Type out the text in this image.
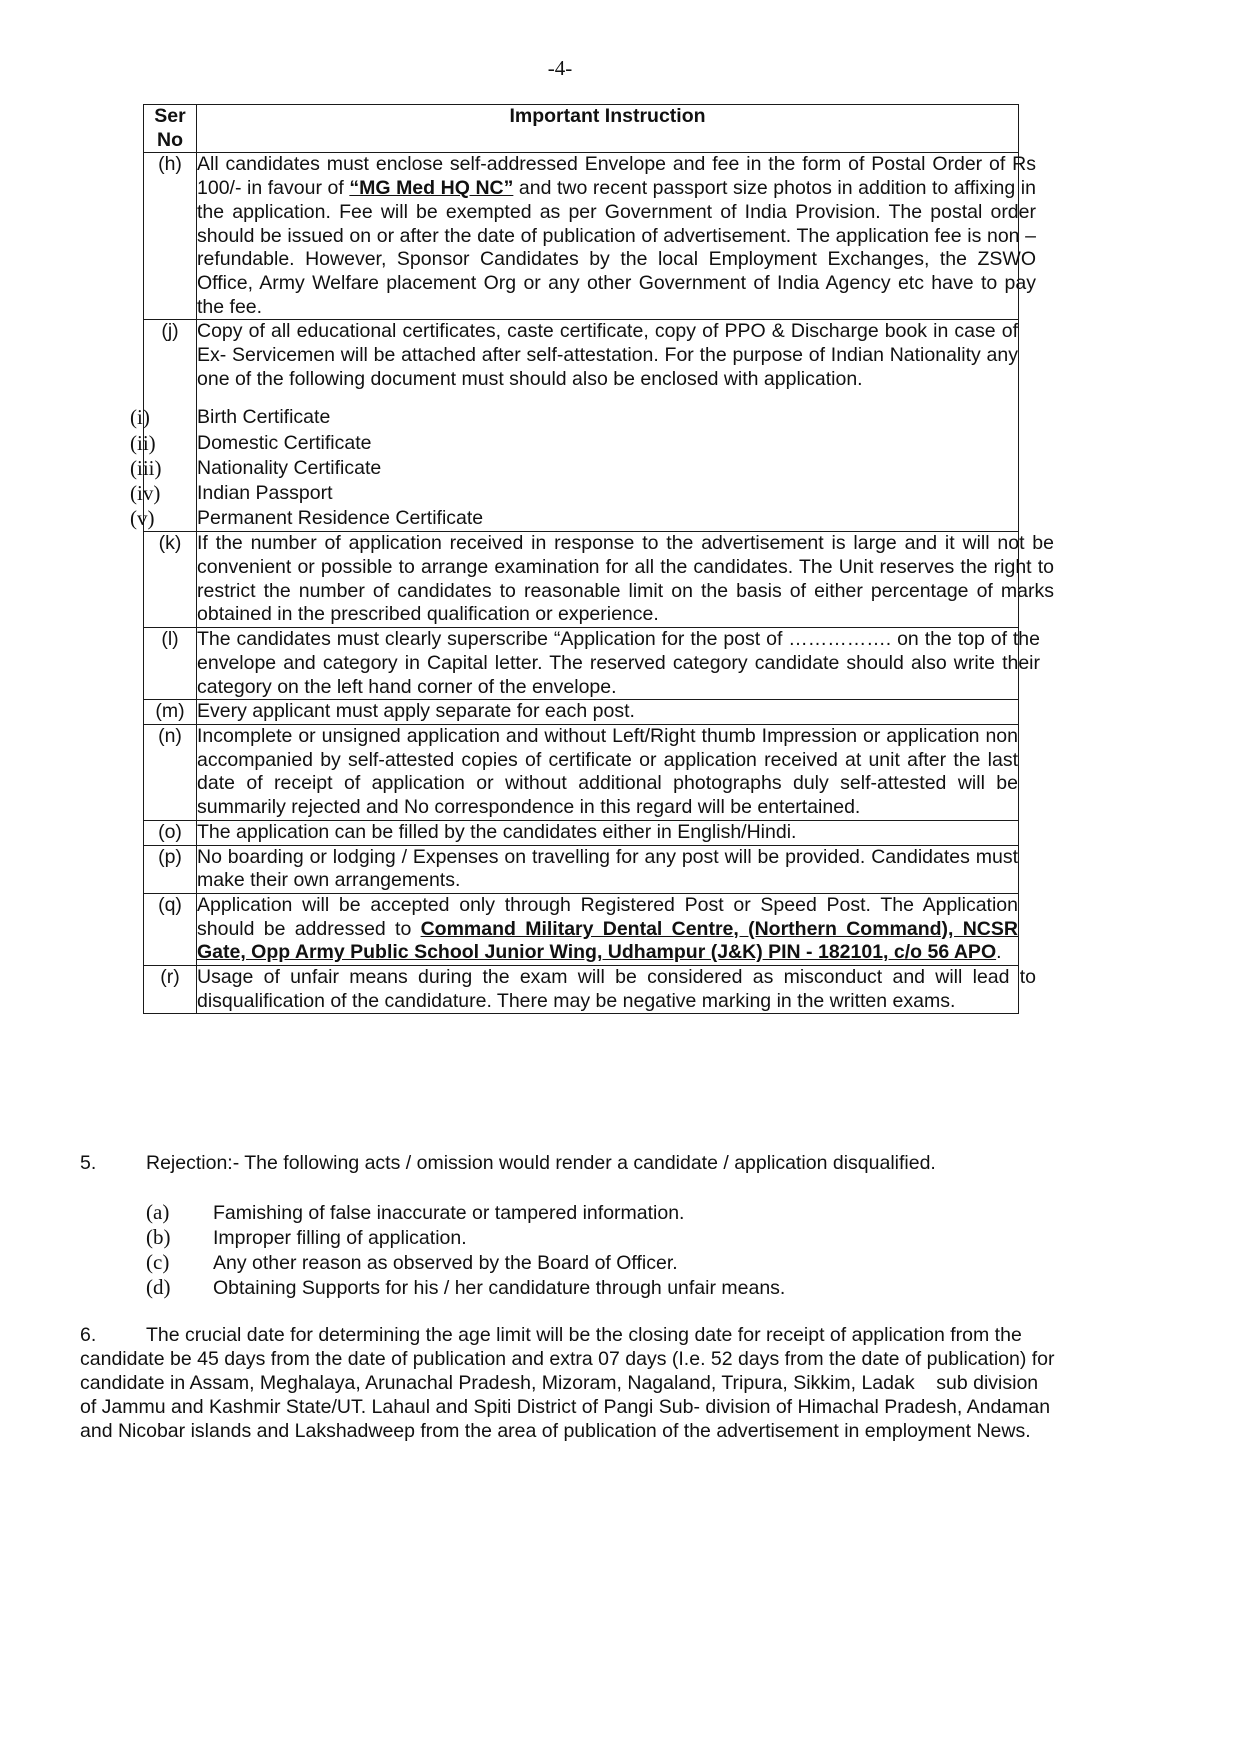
-4-
Ser
No	Important Instruction
(h)	All candidates must enclose self-addressed Envelope and fee in the form of Postal Order of Rs 100/- in favour of “MG Med HQ NC” and two recent passport size photos in addition to affixing in the application. Fee will be exempted as per Government of India Provision. The postal order should be issued on or after the date of publication of advertisement. The application fee is non – refundable. However, Sponsor Candidates by the local Employment Exchanges, the ZSWO Office, Army Welfare placement Org or any other Government of India Agency etc have to pay the fee.

(j)	Copy of all educational certificates, caste certificate, copy of PPO & Discharge book in case of Ex- Servicemen will be attached after self-attestation. For the purpose of Indian Nationality any one of the following document must should also be enclosed with application.
(i) Birth Certificate
(ii) Domestic Certificate
(iii) Nationality Certificate
(iv) Indian Passport
(v) Permanent Residence Certificate

(k)	If the number of application received in response to the advertisement is large and it will not be convenient or possible to arrange examination for all the candidates. The Unit reserves the right to restrict the number of candidates to reasonable limit on the basis of either percentage of marks obtained in the prescribed qualification or experience.

(l)	The candidates must clearly superscribe “Application for the post of ……………. on the top of the envelope and category in Capital letter. The reserved category candidate should also write their category on the left hand corner of the envelope.

(m)	Every applicant must apply separate for each post.
(n)	Incomplete or unsigned application and without Left/Right thumb Impression or application non accompanied by self-attested copies of certificate or application received at unit after the last date of receipt of application or without additional photographs duly self-attested will be summarily rejected and No correspondence in this regard will be entertained.
(o)	The application can be filled by the candidates either in English/Hindi.
(p)	No boarding or lodging / Expenses on travelling for any post will be provided. Candidates must make their own arrangements.
(q)	Application will be accepted only through Registered Post or Speed Post. The Application should be addressed to Command Military Dental Centre, (Northern Command), NCSR Gate, Opp Army Public School Junior Wing, Udhampur (J&K) PIN - 182101, c/o 56 APO.
(r)	Usage of unfair means during the exam will be considered as misconduct and will lead to disqualification of the candidature. There may be negative marking in the written exams.
5.	Rejection:- The following acts / omission would render a candidate / application disqualified.
(a) Famishing of false inaccurate or tampered information.
(b) Improper filling of application.
(c) Any other reason as observed by the Board of Officer.
(d) Obtaining Supports for his / her candidature through unfair means.
6.	The crucial date for determining the age limit will be the closing date for receipt of application from the candidate be 45 days from the date of publication and extra 07 days (I.e. 52 days from the date of publication) for candidate in Assam, Meghalaya, Arunachal Pradesh, Mizoram, Nagaland, Tripura, Sikkim, Ladak    sub division of Jammu and Kashmir State/UT. Lahaul and Spiti District of Pangi Sub- division of Himachal Pradesh, Andaman and Nicobar islands and Lakshadweep from the area of publication of the advertisement in employment News.
